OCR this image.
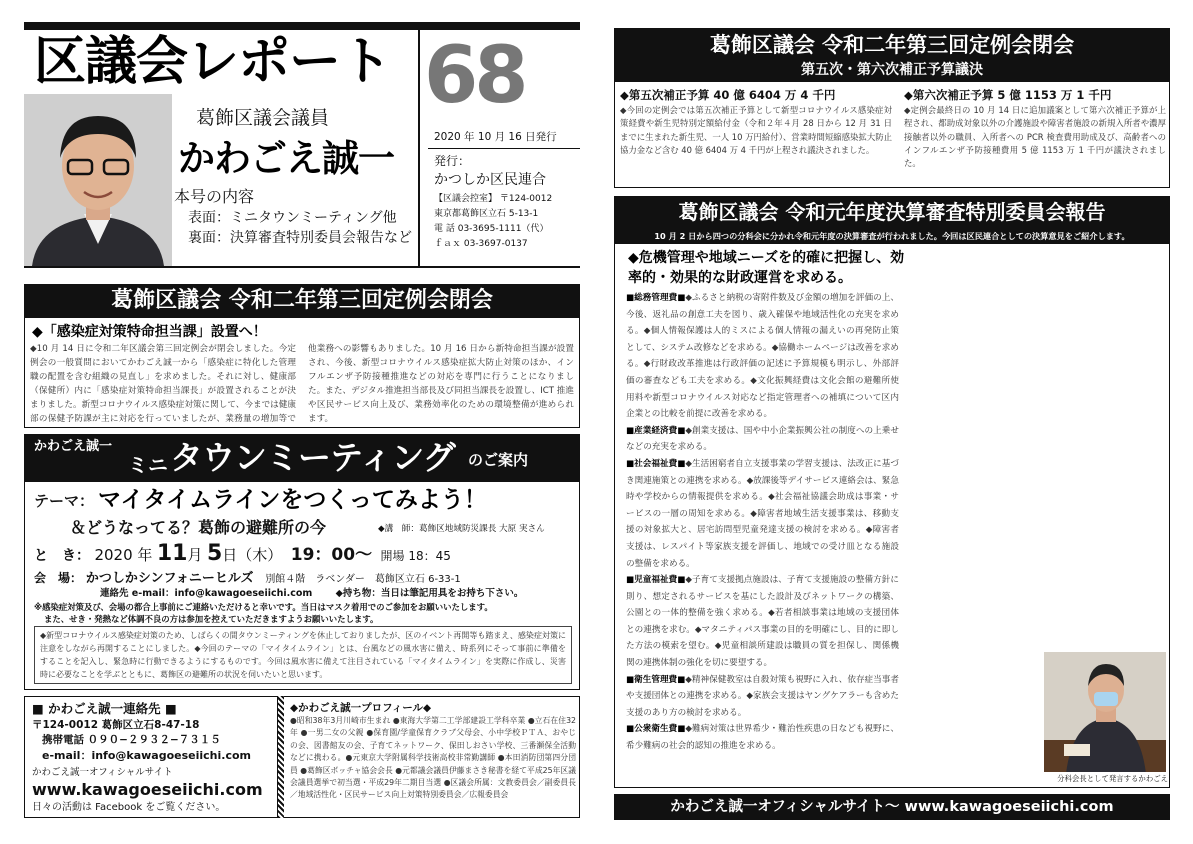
区議会レポート 68
葛飾区議会議員
かわごえ誠一
本号の内容
表面：ミニタウンミーティング他
裏面：決算審査特別委員会報告など
2020 年 10 月 16 日発行
発行：
かつしか区民連合
【区議会控室】 〒124-0012
東京都葛飾区立石 5-13-1
電 話 03-3695-1111（代）
ｆａｘ 03-3697-0137
葛飾区議会 令和二年第三回定例会閉会
◆「感染症対策特命担当課」設置へ！
◆10 月 14 日に令和二年区議会第三回定例会が閉会しました。今定例会の一般質問においてかわごえ誠一から「感染症に特化した管理職の配置を含む組織の見直し」を求めました。それに対し、健康部（保健所）内に「感染症対策特命担当課長」が設置されることが決まりました。新型コロナウイルス感染症対策に関して、今までは健康部の保健予防課が主に対応を行っていましたが、業務量の増加等で他業務への影響もありました。10 月 16 日から新特命担当課が設置され、今後、新型コロナウイルス感染症拡大防止対策のほか、インフルエンザ予防接種推進などの対応を専門に行うことになりました。また、デジタル推進担当部長及び同担当課長を設置し、ICT 推進や区民サービス向上及び、業務効率化のための環境整備が進められます。
かわごえ誠一
ミニ タウンミーティング のご案内
テーマ： マイタイムラインをつくってみよう！
＆どうなってる？葛飾の避難所の今	◆講　師：葛飾区地域防災課長 大原 実さん
と　き： 2020 年 11月 5日（木） 19：00〜 開場 18：45
会　場： かつしかシンフォニーヒルズ 別館４階　ラベンダー　葛飾区立石 6-33-1
連絡先 e-mail：info@kawagoeseiichi.com ◆持ち物：当日は筆記用具をお持ち下さい。
※感染症対策及び、会場の都合上事前にご連絡いただけると幸いです。当日はマスク着用でのご参加をお願いいたします。
また、せき・発熱など体調不良の方は参加を控えていただきますようお願いいたします。
◆新型コロナウイルス感染症対策のため、しばらくの間タウンミーティングを休止しておりましたが、区のイベント再開等も踏まえ、感染症対策に注意をしながら再開することにしました。◆今回のテーマの「マイタイムライン」とは、台風などの風水害に備え、時系列にそって事前に準備をすることを記入し、緊急時に行動できるようにするものです。今回は風水害に備えて注目されている「マイタイムライン」を実際に作成し、災害時に必要なことを学ぶとともに、葛飾区の避難所の状況を伺いたいと思います。
■ かわごえ誠一連絡先 ■
〒124-0012 葛飾区立石8-47-18
携帯電話 ０９０−２９３２−７３１５
e-mail：info@kawagoeseiichi.com
かわごえ誠一オフィシャルサイト
www.kawagoeseiichi.com
日々の活動は Facebook をご覧ください。
◆かわごえ誠一プロフィール◆
●昭和38年3月川崎市生まれ ●東海大学第二工学部建設工学科卒業 ●立石在住32年 ●一男二女の父親 ●保育園/学童保育クラブ父母会、小中学校ＰＴＡ、おやじの会、図書館友の会、子育てネットワーク、保田しおさい学校、三番瀬保全活動などに携わる。●元東京大学附属科学技術高校非常勤講師 ●本田消防団第四分団員 ●葛飾区ボッチャ協会会長 ●元都議会議員伊藤まさき秘書を経て平成25年区議会議員選挙で初当選・平成29年二期目当選 ●区議会所属：文教委員会／副委員長／地域活性化・区民サービス向上対策特別委員会／広報委員会
葛飾区議会 令和二年第三回定例会閉会
第五次・第六次補正予算議決
◆第五次補正予算 40 億 6404 万 4 千円
◆今回の定例会では第五次補正予算として新型コロナウイルス感染症対策経費や新生児特別定額給付金（令和２年４月 28 日から 12 月 31 日までに生まれた新生児、一人 10 万円給付）、営業時間短縮感染拡大防止協力金など含む 40 億 6404 万 4 千円が上程され議決されました。
◆第六次補正予算 5 億 1153 万 1 千円
◆定例会最終日の 10 月 14 日に追加議案として第六次補正予算が上程され、都助成対象以外の介護施設や障害者施設の新規入所者や濃厚接触者以外の職員、入所者への PCR 検査費用助成及び、高齢者へのインフルエンザ予防接種費用 5 億 1153 万 1 千円が議決されました。
葛飾区議会 令和元年度決算審査特別委員会報告
10 月 2 日から四つの分科会に分かれ令和元年度の決算審査が行われました。今回は区民連合としての決算意見をご紹介します。
◆危機管理や地域ニーズを的確に把握し、効率的・効果的な財政運営を求める。
■総務管理費■◆ふるさと納税の寄附件数及び金額の増加を評価の上、今後、返礼品の創意工夫を図り、歳入確保や地域活性化の充実を求める。◆個人情報保護は人的ミスによる個人情報の漏えいの再発防止策として、システム改修などを求める。◆協働ホームページは改善を求める。◆行財政改革推進は行政評価の記述に予算規模も明示し、外部評価の審査なども工夫を求める。◆文化振興経費は文化会館の避難所使用料や新型コロナウイルス対応など指定管理者への補填について区内企業との比較を前提に改善を求める。
■産業経済費■◆創業支援は、国や中小企業振興公社の制度への上乗せなどの充実を求める。
■社会福祉費■◆生活困窮者自立支援事業の学習支援は、法改正に基づき関連施策との連携を求める。◆放課後等デイサービス連絡会は、緊急時や学校からの情報提供を求める。◆社会福祉協議会助成は事業・サービスの一層の周知を求める。◆障害者地域生活支援事業は、移動支援の対象拡大と、居宅訪問型児童発達支援の検討を求める。◆障害者支援は、レスパイト等家族支援を評価し、地域での受け皿となる施設の整備を求める。
■児童福祉費■◆子育て支援拠点施設は、子育て支援施設の整備方針に則り、想定されるサービスを基にした設計及びネットワークの構築、公園との一体的整備を強く求める。◆若者相談事業は地域の支援団体との連携を求む。◆マタニティパス事業の目的を明確にし、目的に即した方法の模索を望む。◆児童相談所建設は職員の質を担保し、関係機関の連携体制の強化を切に要望する。
■衛生管理費■◆精神保健教室は自殺対策も視野に入れ、依存症当事者や支援団体との連携を求める。◆家族会支援はヤングケアラーも含めた支援のあり方の検討を求める。
■公衆衛生費■◆難病対策は世界希少・難治性疾患の日なども視野に、希少難病の社会的認知の推進を求める。
分科会長として発言するかわごえ
かわごえ誠一オフィシャルサイト〜 www.kawagoeseiichi.com
